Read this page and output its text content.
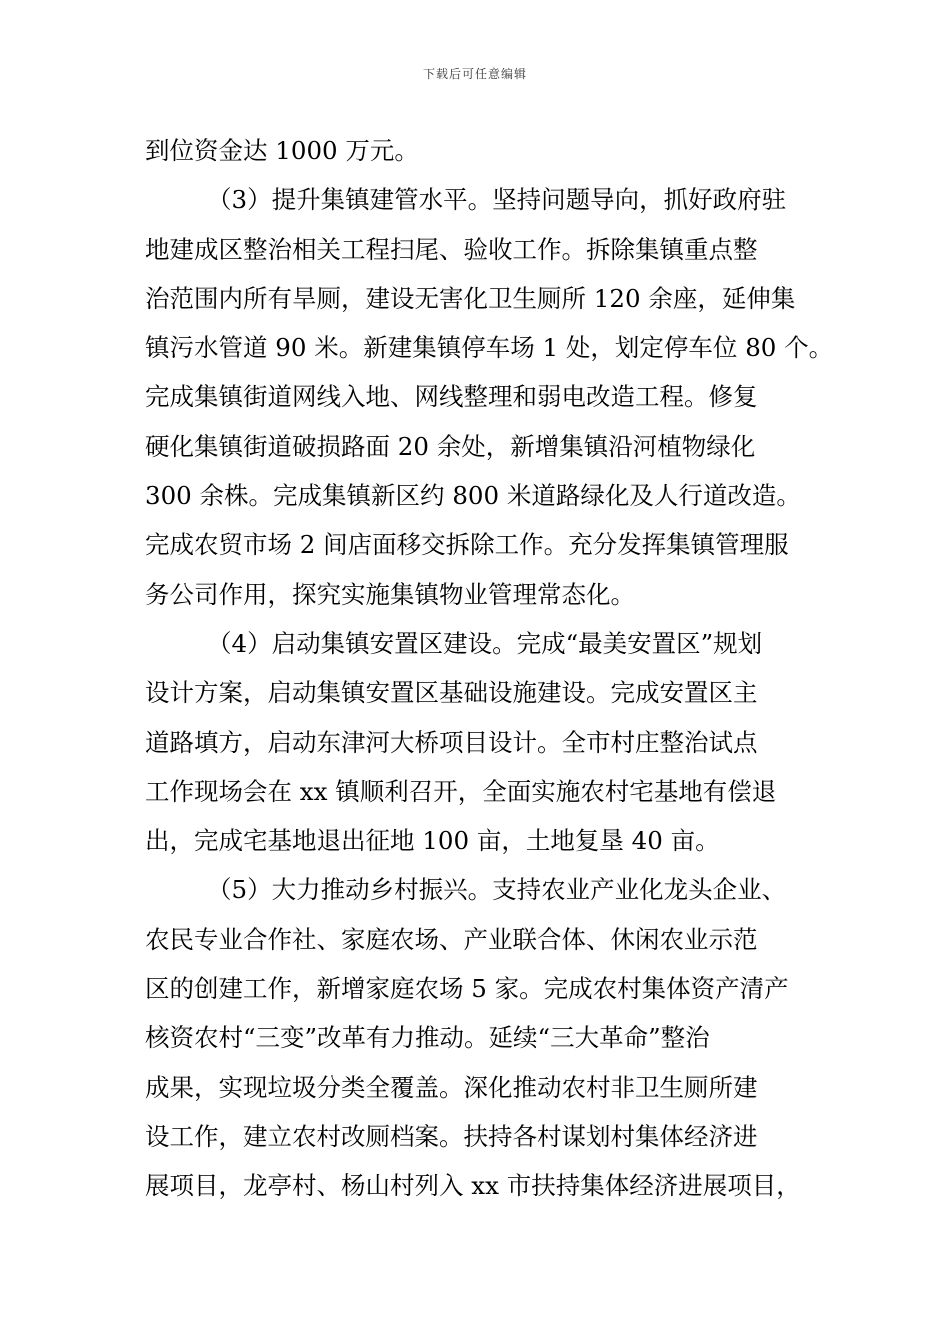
下载后可任意编辑
到位资金达 1000 万元。
（3）提升集镇建管水平。坚持问题导向，抓好政府驻
地建成区整治相关工程扫尾、验收工作。拆除集镇重点整
治范围内所有旱厕，建设无害化卫生厕所 120 余座，延伸集
镇污水管道 90 米。新建集镇停车场 1 处，划定停车位 80 个。
完成集镇街道网线入地、网线整理和弱电改造工程。修复
硬化集镇街道破损路面 20 余处，新增集镇沿河植物绿化
300 余株。完成集镇新区约 800 米道路绿化及人行道改造。
完成农贸市场 2 间店面移交拆除工作。充分发挥集镇管理服
务公司作用，探究实施集镇物业管理常态化。
（4）启动集镇安置区建设。完成“最美安置区”规划
设计方案，启动集镇安置区基础设施建设。完成安置区主
道路填方，启动东津河大桥项目设计。全市村庄整治试点
工作现场会在 xx 镇顺利召开，全面实施农村宅基地有偿退
出，完成宅基地退出征地 100 亩，土地复垦 40 亩。
（5）大力推动乡村振兴。支持农业产业化龙头企业、
农民专业合作社、家庭农场、产业联合体、休闲农业示范
区的创建工作，新增家庭农场 5 家。完成农村集体资产清产
核资农村“三变”改革有力推动。延续“三大革命”整治
成果，实现垃圾分类全覆盖。深化推动农村非卫生厕所建
设工作，建立农村改厕档案。扶持各村谋划村集体经济进
展项目，龙亭村、杨山村列入 xx 市扶持集体经济进展项目，
